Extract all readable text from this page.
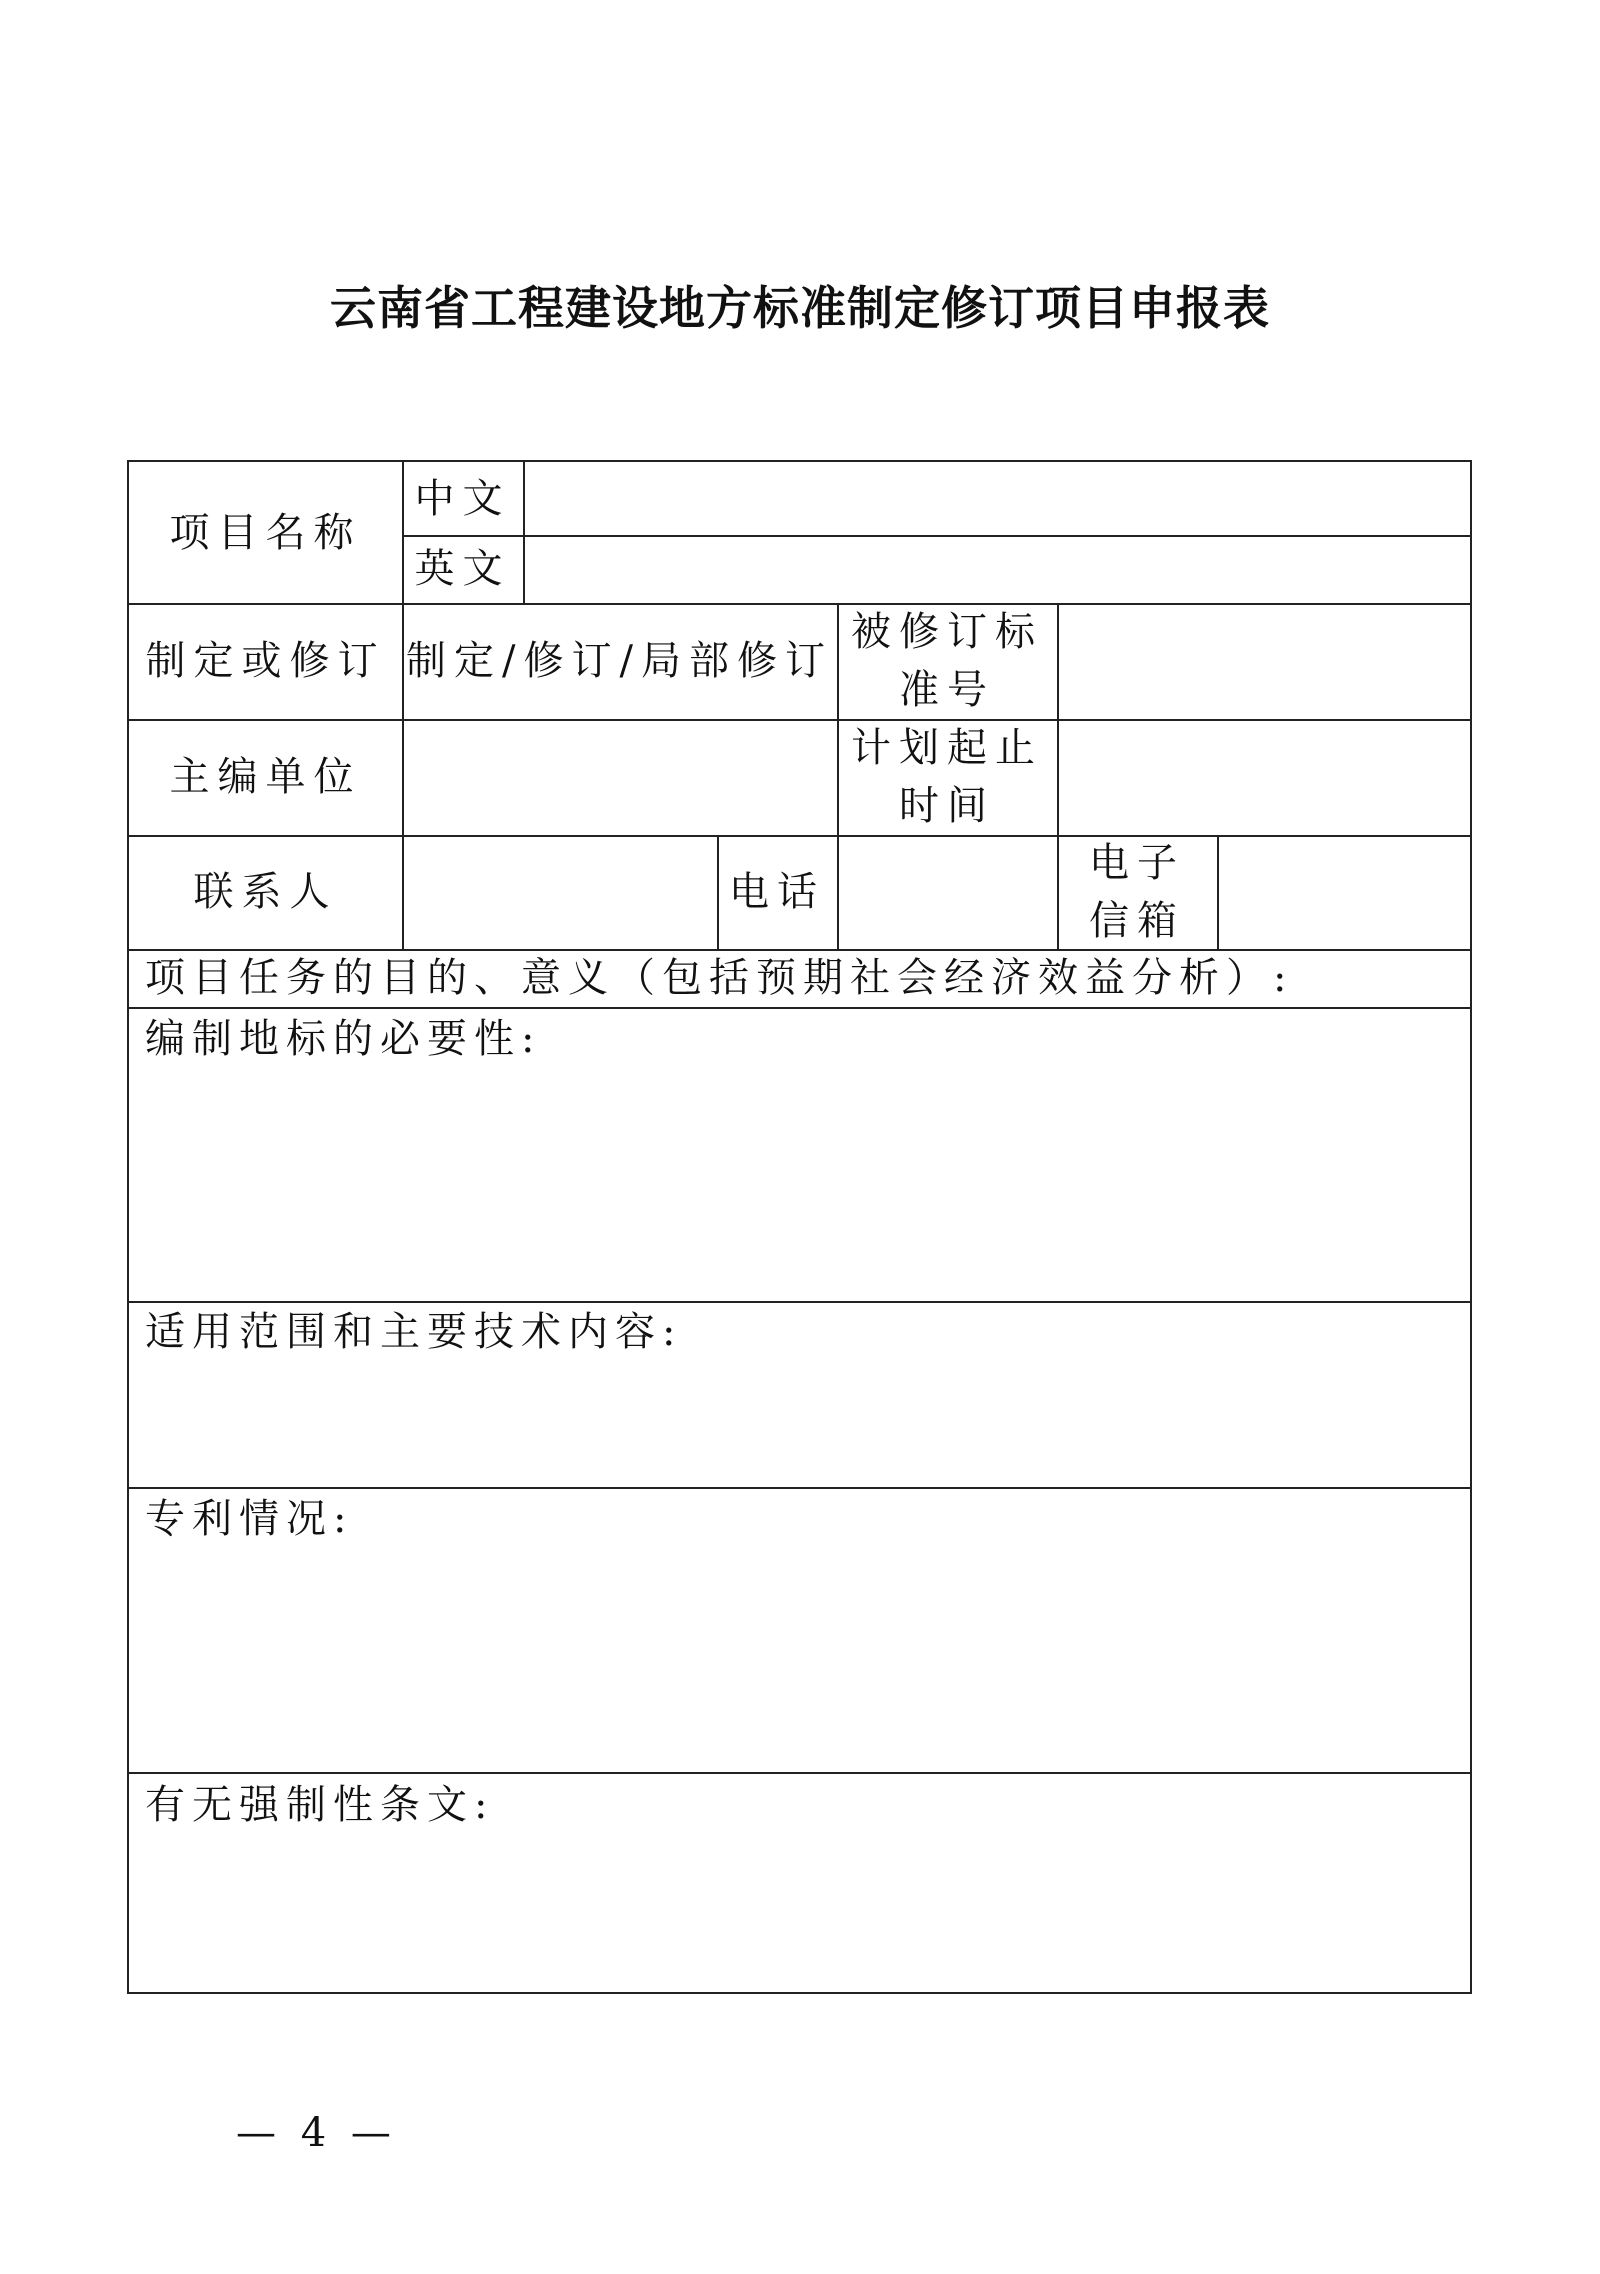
云南省工程建设地方标准制定修订项目申报表
项目名称
中文
英文
制定或修订 制定/修订/局部修订
被修订标
准号
主编单位
计划起止
时间
联系人	电话
电子
信箱
项目任务的目的、意义（包括预期社会经济效益分析）:
编制地标的必要性:
适用范围和主要技术内容:
专利情况:
有无强制性条文:
— 4 —
